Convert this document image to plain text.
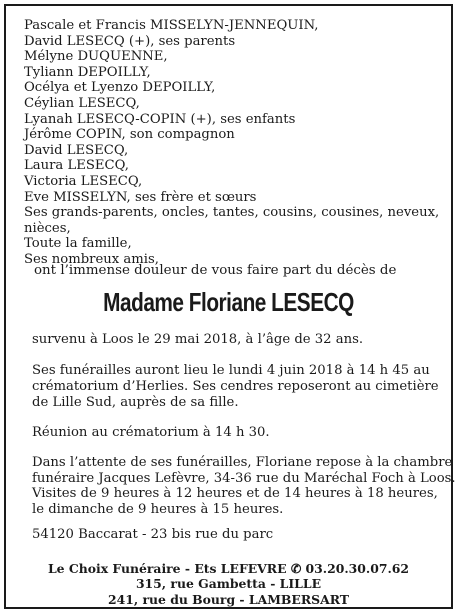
Pascale et Francis MISSELYN-JENNEQUIN,
David LESECQ (+), ses parents
Mélyne DUQUENNE,
Tyliann DEPOILLY,
Océlya et Lyenzo DEPOILLY,
Céylian LESECQ,
Lyanah LESECQ-COPIN (+), ses enfants
Jérôme COPIN, son compagnon
David LESECQ,
Laura LESECQ,
Victoria LESECQ,
Eve MISSELYN, ses frère et sœurs
Ses grands-parents, oncles, tantes, cousins, cousines, neveux,
nièces,
Toute la famille,
Ses nombreux amis,
ont l’immense douleur de vous faire part du décès de
Madame Floriane LESECQ
survenu à Loos le 29 mai 2018, à l’âge de 32 ans.
Ses funérailles auront lieu le lundi 4 juin 2018 à 14 h 45 au
crématorium d’Herlies. Ses cendres reposeront au cimetière
de Lille Sud, auprès de sa fille.
Réunion au crématorium à 14 h 30.
Dans l’attente de ses funérailles, Floriane repose à la chambre
funéraire Jacques Lefèvre, 34-36 rue du Maréchal Foch à Loos.
Visites de 9 heures à 12 heures et de 14 heures à 18 heures,
le dimanche de 9 heures à 15 heures.
54120 Baccarat - 23 bis rue du parc
Le Choix Funéraire - Ets LEFEVRE ✆ 03.20.30.07.62
315, rue Gambetta - LILLE
241, rue du Bourg - LAMBERSART
